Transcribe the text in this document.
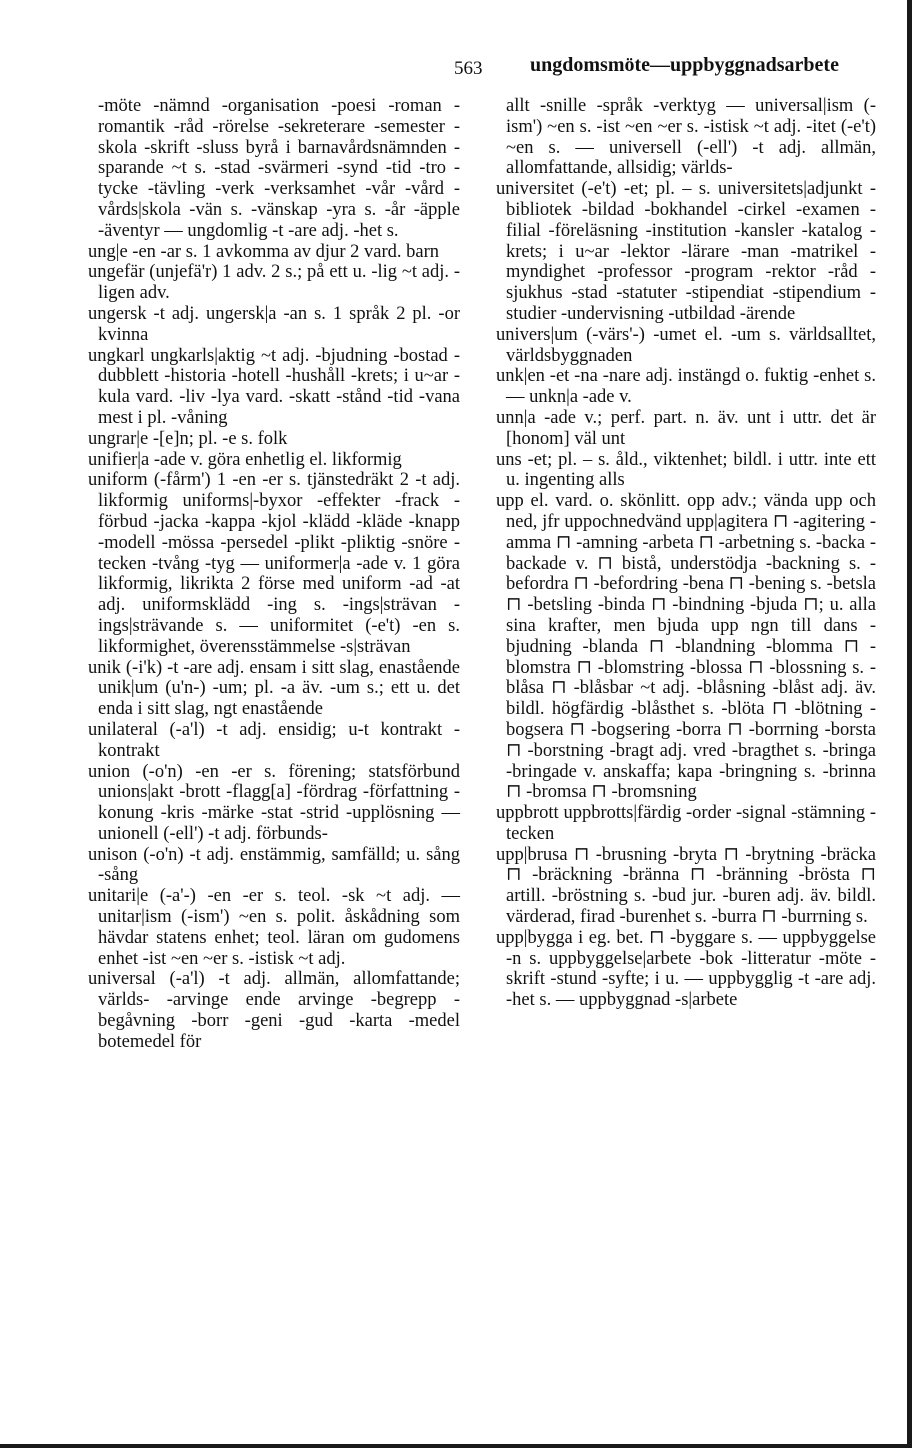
563 ungdomsmöte—uppbyggnadsarbete

-möte -nämnd -organisation -poesi -roman -romantik -råd -rörelse -sekreterare -semester -skola -skrift -sluss byrå i barnavårdsnämnden -sparande ~t s. -stad -svärmeri -synd -tid -tro -tycke -tävling -verk -verksamhet -vår -vård -vårds|skola -vän s. -vänskap -yra s. -år -äpple -äventyr — ungdomlig -t -are adj. -het s.

ung|e -en -ar s. 1 avkomma av djur 2 vard. barn

ungefär (unjefä'r) 1 adv. 2 s.; på ett u. -lig ~t adj. -ligen adv.

ungersk -t adj. ungersk|a -an s. 1 språk 2 pl. -or kvinna

ungkarl ungkarls|aktig ~t adj. -bjudning -bostad -dubblett -historia -hotell -hushåll -krets; i u~ar -kula vard. -liv -lya vard. -skatt -stånd -tid -vana mest i pl. -våning

ungrar|e -[e]n; pl. -e s. folk

unifier|a -ade v. göra enhetlig el. likformig

uniform (-fårm') 1 -en -er s. tjänstedräkt 2 -t adj. likformig uniforms|-byxor -effekter -frack -förbud -jacka -kappa -kjol -klädd -kläde -knapp -modell -mössa -persedel -plikt -pliktig -snöre -tecken -tvång -tyg — uniformer|a -ade v. 1 göra likformig, likrikta 2 förse med uniform -ad -at adj. uniformsklädd -ing s. -ings|strävan -ings|strävande s. — uniformitet (-e't) -en s. likformighet, överensstämmelse -s|strävan

unik (-i'k) -t -are adj. ensam i sitt slag, enastående unik|um (u'n-) -um; pl. -a äv. -um s.; ett u. det enda i sitt slag, ngt enastående

unilateral (-a'l) -t adj. ensidig; u-t kontrakt -kontrakt

union (-o'n) -en -er s. förening; statsförbund unions|akt -brott -flagg[a] -fördrag -författning -konung -kris -märke -stat -strid -upplösning — unionell (-ell') -t adj. förbunds-

unison (-o'n) -t adj. enstämmig, samfälld; u. sång -sång

unitari|e (-a'-) -en -er s. teol. -sk ~t adj. — unitar|ism (-ism') ~en s. polit. åskådning som hävdar statens enhet; teol. läran om gudomens enhet -ist ~en ~er s. -istisk ~t adj.

universal (-a'l) -t adj. allmän, allomfattande; världs- -arvinge ende arvinge -begrepp -begåvning -borr -geni -gud -karta -medel botemedel för

allt -snille -språk -verktyg — universal|ism (-ism') ~en s. -ist ~en ~er s. -istisk ~t adj. -itet (-e't) ~en s. — universell (-ell') -t adj. allmän, allomfattande, allsidig; världs-

universitet (-e't) -et; pl. – s. universitets|adjunkt -bibliotek -bildad -bokhandel -cirkel -examen -filial -föreläsning -institution -kansler -katalog -krets; i u~ar -lektor -lärare -man -matrikel -myndighet -professor -program -rektor -råd -sjukhus -stad -statuter -stipendiat -stipendium -studier -undervisning -utbildad -ärende

univers|um (-värs'-) -umet el. -um s. världsalltet, världsbyggnaden

unk|en -et -na -nare adj. instängd o. fuktig -enhet s. — unkn|a -ade v.

unn|a -ade v.; perf. part. n. äv. unt i uttr. det är [honom] väl unt

uns -et; pl. – s. åld., viktenhet; bildl. i uttr. inte ett u. ingenting alls

upp el. vard. o. skönlitt. opp adv.; vända upp och ned, jfr uppochnedvänd upp|agitera ⊓ -agitering -amma ⊓ -amning -arbeta ⊓ -arbetning s. -backa -backade v. ⊓ bistå, understödja -backning s. -befordra ⊓ -befordring -bena ⊓ -bening s. -betsla ⊓ -betsling -binda ⊓ -bindning -bjuda ⊓; u. alla sina krafter, men bjuda upp ngn till dans -bjudning -blanda ⊓ -blandning -blomma ⊓ -blomstra ⊓ -blomstring -blossa ⊓ -blossning s. -blåsa ⊓ -blåsbar ~t adj. -blåsning -blåst adj. äv. bildl. högfärdig -blåsthet s. -blöta ⊓ -blötning -bogsera ⊓ -bogsering -borra ⊓ -borrning -borsta ⊓ -borstning -bragt adj. vred -bragthet s. -bringa -bringade v. anskaffa; kapa -bringning s. -brinna ⊓ -bromsa ⊓ -bromsning

uppbrott uppbrotts|färdig -order -signal -stämning -tecken

upp|brusa ⊓ -brusning -bryta ⊓ -brytning -bräcka ⊓ -bräckning -bränna ⊓ -bränning -brösta ⊓ artill. -bröstning s. -bud jur. -buren adj. äv. bildl. värderad, firad -burenhet s. -burra ⊓ -burrning s.

upp|bygga i eg. bet. ⊓ -byggare s. — uppbyggelse -n s. uppbyggelse|arbete -bok -litteratur -möte -skrift -stund -syfte; i u. — uppbygglig -t -are adj. -het s. — uppbyggnad -s|arbete
